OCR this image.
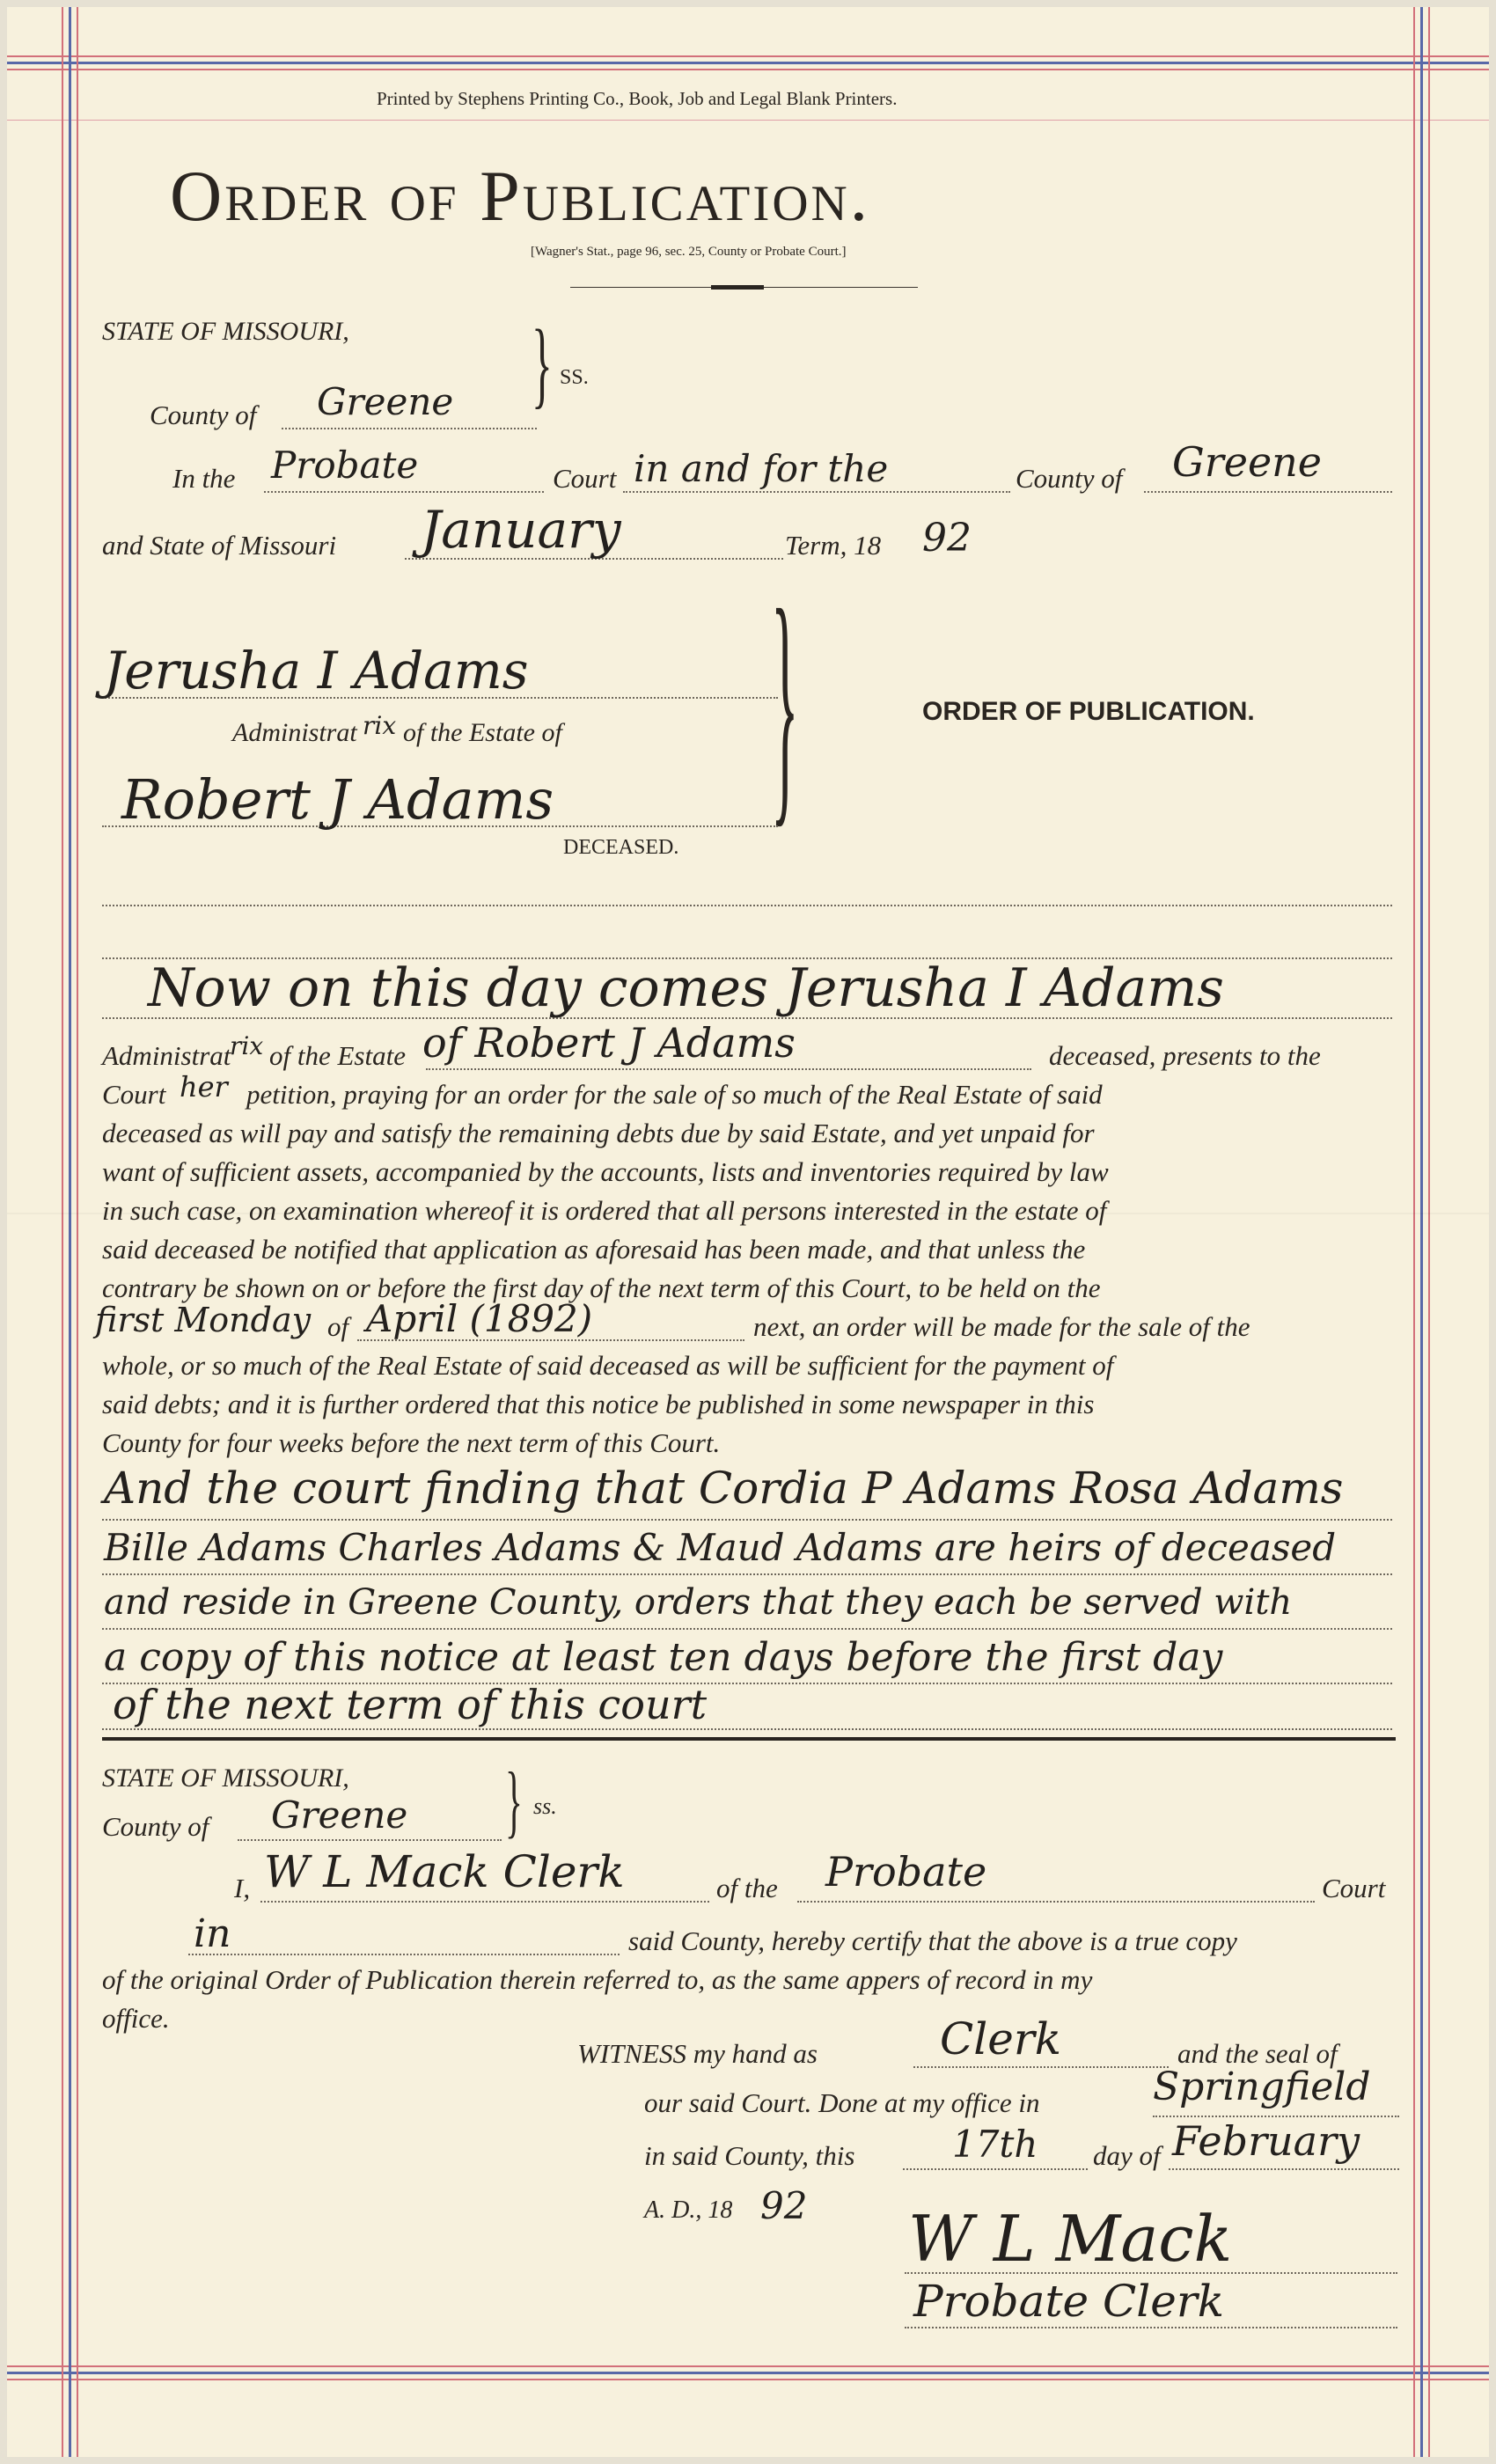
Printed by Stephens Printing Co., Book, Job and Legal Blank Printers.
Order of Publication.
[Wagner's Stat., page 96, sec. 25, County or Probate Court.]
STATE OF MISSOURI, } SS.
County of Greene
In the Probate	Court in and for the	County of Greene
and State of Missouri January	Term, 18 92
}
Jerusha I Adams
Administrat rix of the Estate of
Robert J Adams
DECEASED.
ORDER OF PUBLICATION.
Now on this day comes Jerusha I Adams
Administrat
rix of the Estate of Robert J Adams	deceased, presents to the
Court her petition, praying for an order for the sale of so much of the Real Estate of said
deceased as will pay and satisfy the remaining debts due by said Estate, and yet unpaid for
want of sufficient assets, accompanied by the accounts, lists and inventories required by law
in such case, on examination whereof it is ordered that all persons interested in the estate of
said deceased be notified that application as aforesaid has been made, and that unless the
contrary be shown on or before the first day of the next term of this Court, to be held on the
first Monday of April (1892)	next, an order will be made for the sale of the
whole, or so much of the Real Estate of said deceased as will be sufficient for the payment of
said debts; and it is further ordered that this notice be published in some newspaper in this
County for four weeks before the next term of this Court.
And the court finding that Cordia P Adams Rosa Adams
Bille Adams Charles Adams & Maud Adams are heirs of deceased
and reside in Greene County, orders that they each be served with
a copy of this notice at least ten days before the first day
of the next term of this court
STATE OF MISSOURI, } ss.
County of Greene
I, W L Mack Clerk	of the Probate	Court
in	said County, hereby certify that the above is a true copy
of the original Order of Publication therein referred to, as the same appers of record in my
office.
WITNESS my hand as	Clerk	and the seal of
our said Court. Done at my office in	Springfield
in said County, this	17th day of February
A. D., 18 92 W L Mack
Probate Clerk
